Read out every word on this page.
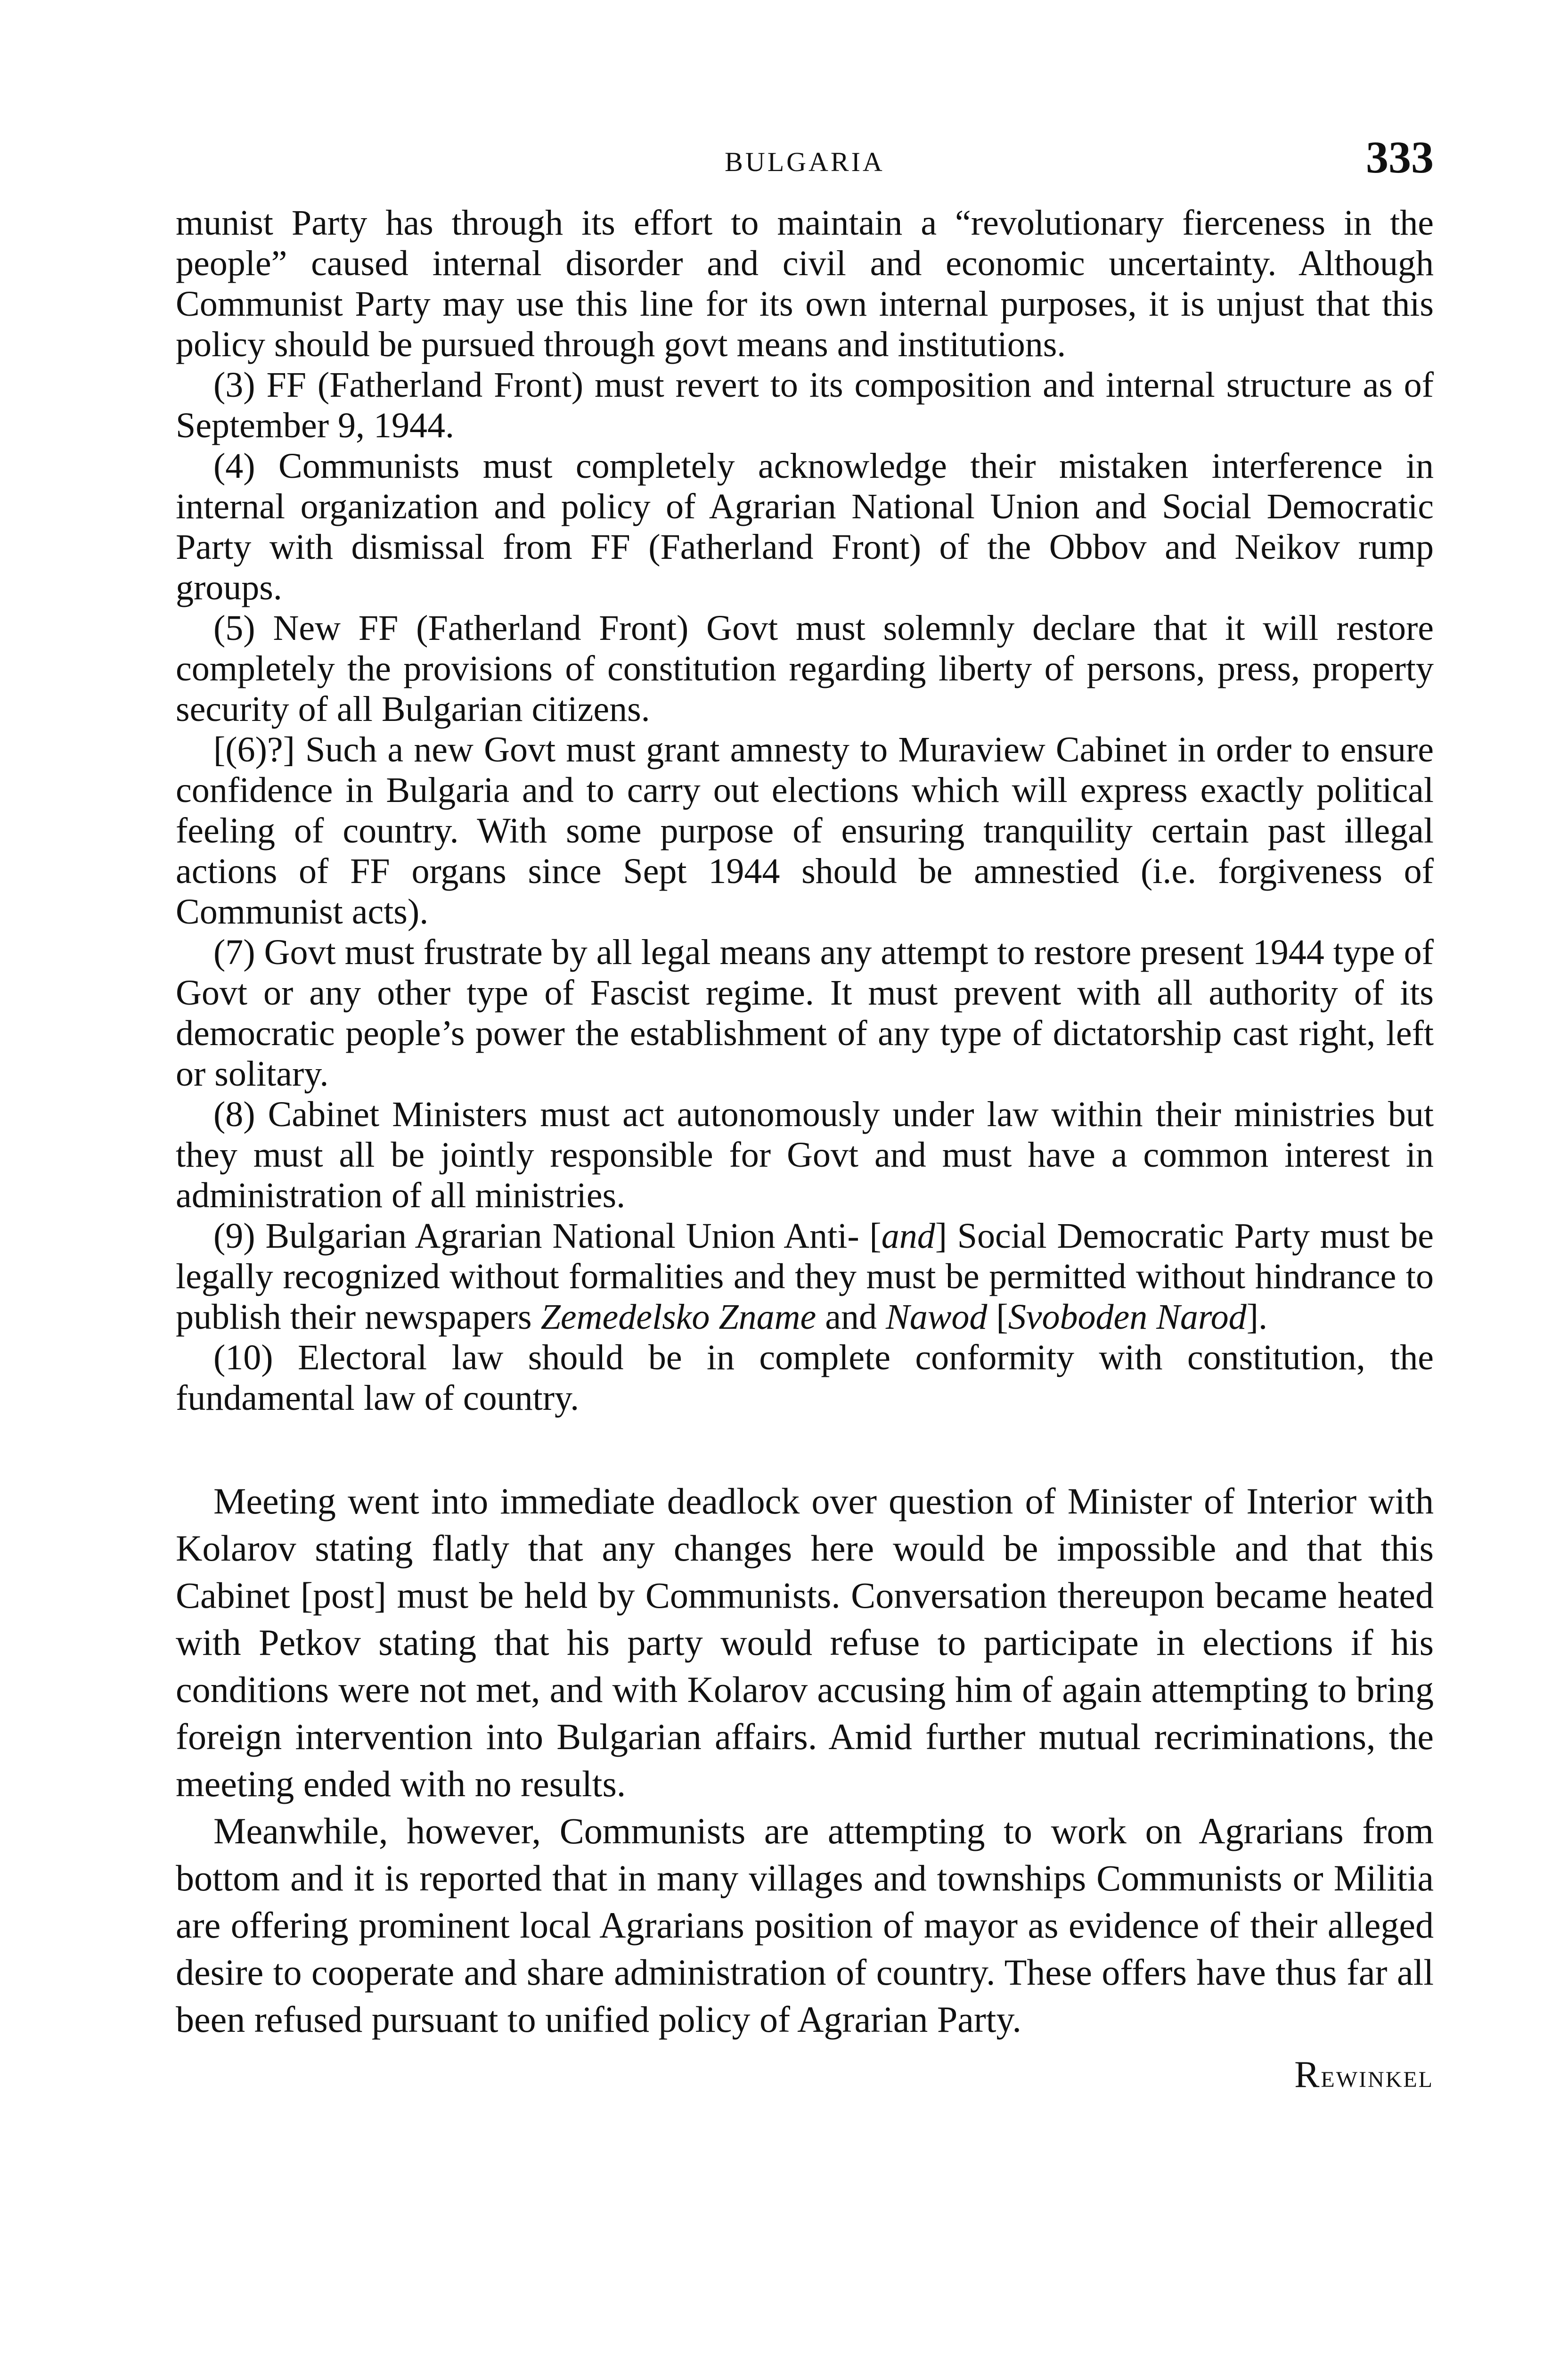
BULGARIA	333

munist Party has through its effort to maintain a “revolutionary fierceness in the people” caused internal disorder and civil and economic uncertainty. Although Communist Party may use this line for its own internal purposes, it is unjust that this policy should be pursued through govt means and institutions.

(3) FF (Fatherland Front) must revert to its composition and internal structure as of September 9, 1944.

(4) Communists must completely acknowledge their mistaken interference in internal organization and policy of Agrarian National Union and Social Democratic Party with dismissal from FF (Fatherland Front) of the Obbov and Neikov rump groups.

(5) New FF (Fatherland Front) Govt must solemnly declare that it will restore completely the provisions of constitution regarding liberty of persons, press, property security of all Bulgarian citizens.

[(6)?] Such a new Govt must grant amnesty to Muraview Cabinet in order to ensure confidence in Bulgaria and to carry out elections which will express exactly political feeling of country. With some purpose of ensuring tranquility certain past illegal actions of FF organs since Sept 1944 should be amnestied (i.e. forgiveness of Communist acts).

(7) Govt must frustrate by all legal means any attempt to restore present 1944 type of Govt or any other type of Fascist regime. It must prevent with all authority of its democratic people’s power the establishment of any type of dictatorship cast right, left or solitary.

(8) Cabinet Ministers must act autonomously under law within their ministries but they must all be jointly responsible for Govt and must have a common interest in administration of all ministries.

(9) Bulgarian Agrarian National Union Anti- [and] Social Democratic Party must be legally recognized without formalities and they must be permitted without hindrance to publish their newspapers Zemedelsko Zname and Nawod [Svoboden Narod].

(10) Electoral law should be in complete conformity with constitution, the fundamental law of country.

Meeting went into immediate deadlock over question of Minister of Interior with Kolarov stating flatly that any changes here would be impossible and that this Cabinet [post] must be held by Communists. Conversation thereupon became heated with Petkov stating that his party would refuse to participate in elections if his conditions were not met, and with Kolarov accusing him of again attempting to bring foreign intervention into Bulgarian affairs. Amid further mutual recriminations, the meeting ended with no results.

Meanwhile, however, Communists are attempting to work on Agrarians from bottom and it is reported that in many villages and townships Communists or Militia are offering prominent local Agrarians position of mayor as evidence of their alleged desire to cooperate and share administration of country. These offers have thus far all been refused pursuant to unified policy of Agrarian Party.

Rewinkel
